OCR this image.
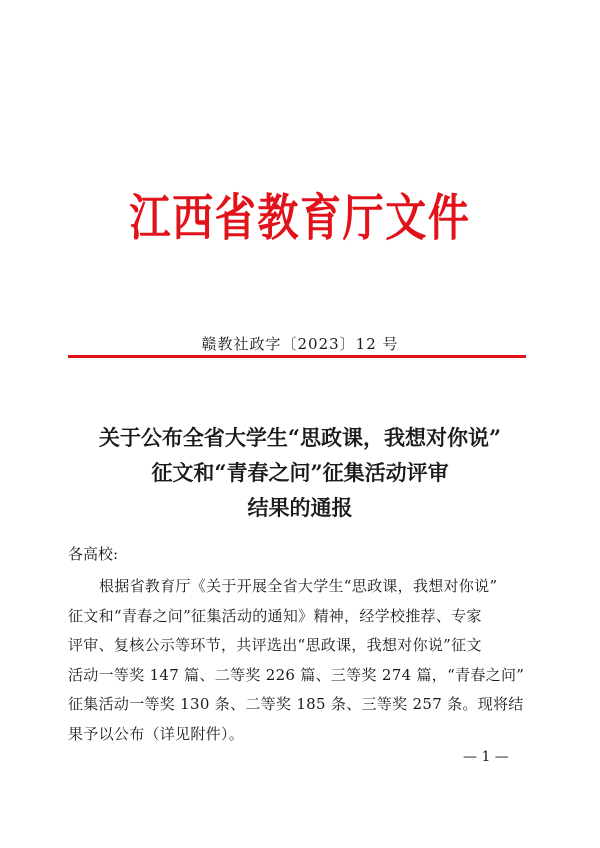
江西省教育厅文件
赣教社政字〔2023〕12 号
关于公布全省大学生“思政课，我想对你说”
征文和“青春之问”征集活动评审
结果的通报
各高校:
根据省教育厅《关于开展全省大学生“思政课，我想对你说”
征文和“青春之问”征集活动的通知》精神，经学校推荐、专家
评审、复核公示等环节，共评选出“思政课，我想对你说”征文
活动一等奖 147 篇、二等奖 226 篇、三等奖 274 篇，“青春之问”
征集活动一等奖 130 条、二等奖 185 条、三等奖 257 条。现将结
果予以公布（详见附件）。
— 1 —
